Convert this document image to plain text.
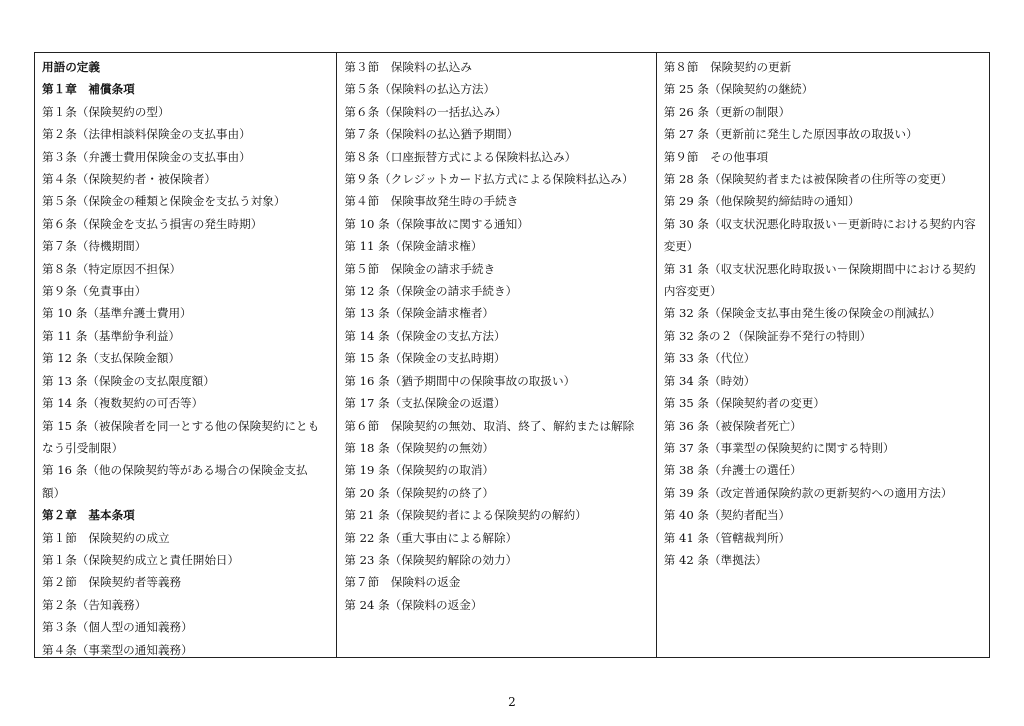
用語の定義
第１章　補償条項
第１条（保険契約の型）
第２条（法律相談料保険金の支払事由）
第３条（弁護士費用保険金の支払事由）
第４条（保険契約者・被保険者）
第５条（保険金の種類と保険金を支払う対象）
第６条（保険金を支払う損害の発生時期）
第７条（待機期間）
第８条（特定原因不担保）
第９条（免責事由）
第 10 条（基準弁護士費用）
第 11 条（基準紛争利益）
第 12 条（支払保険金額）
第 13 条（保険金の支払限度額）
第 14 条（複数契約の可否等）
第 15 条（被保険者を同一とする他の保険契約にとも
なう引受制限）
第 16 条（他の保険契約等がある場合の保険金支払
額）
第２章　基本条項
第１節　保険契約の成立
第１条（保険契約成立と責任開始日）
第２節　保険契約者等義務
第２条（告知義務）
第３条（個人型の通知義務）
第４条（事業型の通知義務）
第３節　保険料の払込み
第５条（保険料の払込方法）
第６条（保険料の一括払込み）
第７条（保険料の払込猶予期間）
第８条（口座振替方式による保険料払込み）
第９条（クレジットカード払方式による保険料払込み）
第４節　保険事故発生時の手続き
第 10 条（保険事故に関する通知）
第 11 条（保険金請求権）
第５節　保険金の請求手続き
第 12 条（保険金の請求手続き）
第 13 条（保険金請求権者）
第 14 条（保険金の支払方法）
第 15 条（保険金の支払時期）
第 16 条（猶予期間中の保険事故の取扱い）
第 17 条（支払保険金の返還）
第６節　保険契約の無効、取消、終了、解約または解除
第 18 条（保険契約の無効）
第 19 条（保険契約の取消）
第 20 条（保険契約の終了）
第 21 条（保険契約者による保険契約の解約）
第 22 条（重大事由による解除）
第 23 条（保険契約解除の効力）
第７節　保険料の返金
第 24 条（保険料の返金）
第８節　保険契約の更新
第 25 条（保険契約の継続）
第 26 条（更新の制限）
第 27 条（更新前に発生した原因事故の取扱い）
第９節　その他事項
第 28 条（保険契約者または被保険者の住所等の変更）
第 29 条（他保険契約締結時の通知）
第 30 条（収支状況悪化時取扱い－更新時における契約内容
変更）
第 31 条（収支状況悪化時取扱い－保険期間中における契約
内容変更）
第 32 条（保険金支払事由発生後の保険金の削減払）
第 32 条の２（保険証券不発行の特則）
第 33 条（代位）
第 34 条（時効）
第 35 条（保険契約者の変更）
第 36 条（被保険者死亡）
第 37 条（事業型の保険契約に関する特則）
第 38 条（弁護士の選任）
第 39 条（改定普通保険約款の更新契約への適用方法）
第 40 条（契約者配当）
第 41 条（管轄裁判所）
第 42 条（準拠法）
2
